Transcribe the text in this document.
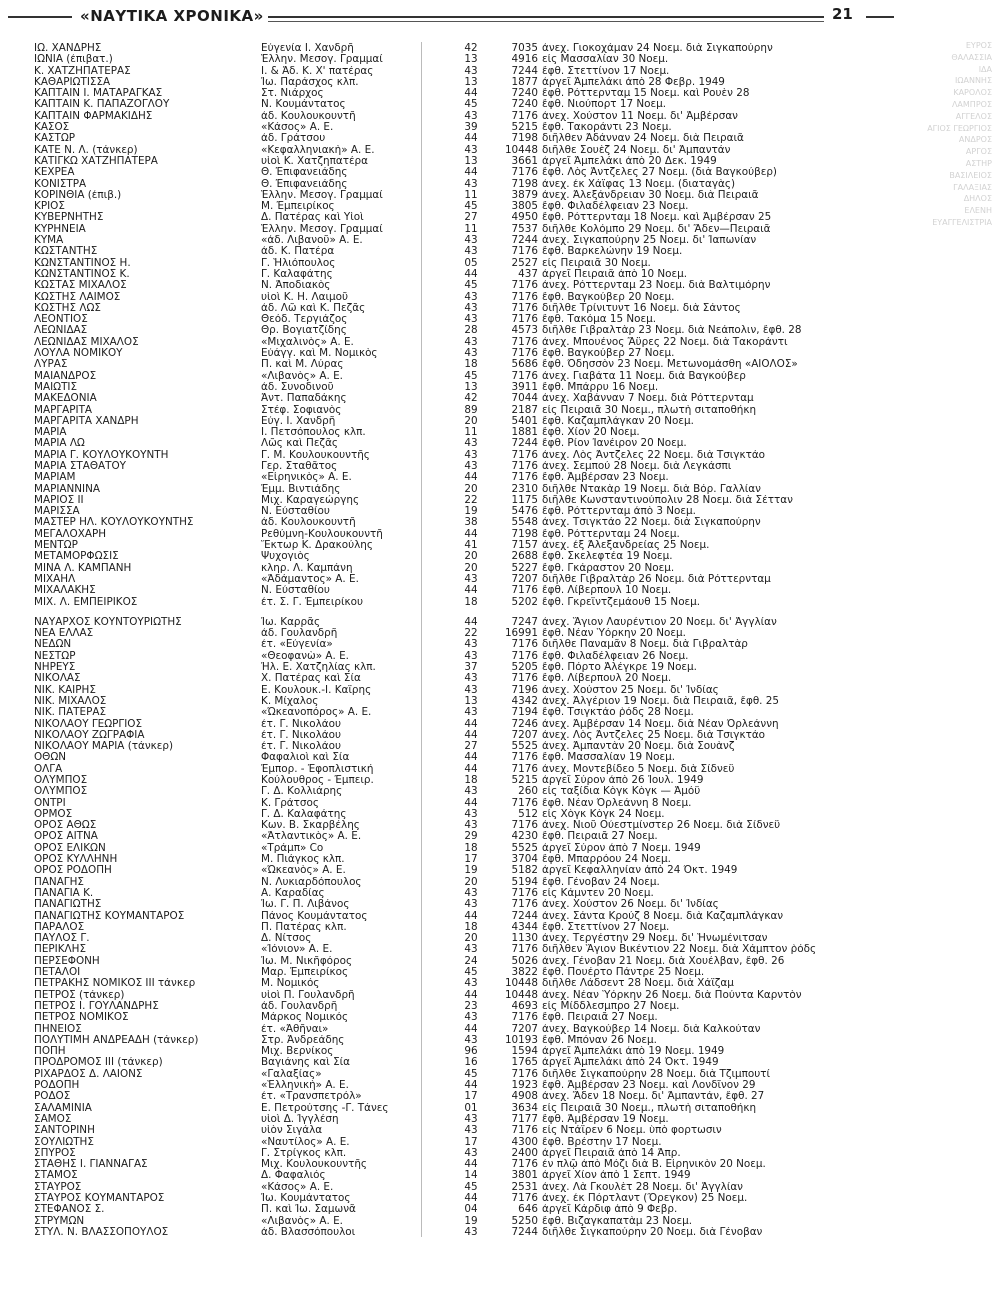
«ΝΑΥΤΙΚΑ ΧΡΟΝΙΚΑ»	21
ΙΩ. ΧΑΝΔΡΗΣ	Εὐγενία Ι. Χανδρῆ	42	7035 ἀνεχ. Γιοκοχάμαν 24 Νοεμ. διὰ Σιγκαπούρην
ΙΩΝΙΑ (ἐπιβατ.)	Ἑλλην. Μεσογ. Γραμμαί	13	4916 εἰς Μασσαλίαν 30 Νοεμ.
Κ. ΧΑΤΖΗΠΑΤΕΡΑΣ	Ι. & Ἀδ. Κ. Χ' πατέρας	43	7244 ἔφθ. Στεττίνον 17 Νοεμ.
ΚΑΘΑΡΙΩΤΙΣΣΑ	Ἰω. Παράσχος κλπ.	13	1877 ἀργεῖ Ἀμπελάκι ἀπὸ 28 Φεβρ. 1949
ΚΑΠΤΑΙΝ Ι. ΜΑΤΑΡΑΓΚΑΣ	Στ. Νιάρχος	44	7240 ἔφθ. Ρόττερνταμ 15 Νοεμ. καὶ Ρουὲν 28
ΚΑΠΤΑΙΝ Κ. ΠΑΠΑΖΟΓΛΟΥ	Ν. Κουμάντατος	45	7240 ἔφθ. Νιούπορτ 17 Νοεμ.
ΚΑΠΤΑΙΝ ΦΑΡΜΑΚΙΔΗΣ	ἀδ. Κουλουκουντῆ	43	7176 ἀνεχ. Χούστον 11 Νοεμ. δι' Ἀμβέρσαν
ΚΑΣΟΣ	«Κάσος» Α. Ε.	39	5215 ἔφθ. Τακοράντι 23 Νοεμ.
ΚΑΣΤΩΡ	ἀδ. Γράτσου	44	7198 διῆλθεν Ἀδάνναν 24 Νοεμ. διὰ Πειραιᾶ
ΚΑΤΕ Ν. Λ. (τάνκερ)	«Κεφαλληνιακὴ» Α. Ε.	43	10448 διῆλθε Σουὲζ 24 Νοεμ. δι' Ἀμπαντάν
ΚΑΤΙΓΚΩ ΧΑΤΖΗΠΑΤΕΡΑ	υἱοὶ Κ. Χατζηπατέρα	13	3661 ἀργεῖ Ἀμπελάκι ἀπὸ 20 Δεκ. 1949
ΚΕΧΡΕΑ	Θ. Ἐπιφανειάδης	44	7176 ἔφθ. Λὸς Ἀντζελες 27 Νοεμ. (διὰ Βαγκούβερ)
ΚΟΝΙΣΤΡΑ	Θ. Ἐπιφανειάδης	43	7198 ἀνεχ. ἐκ Χάϊφας 13 Νοεμ. (διαταγὰς)
ΚΟΡΙΝΘΙΑ (ἐπιβ.)	Ἑλλην. Μεσογ. Γραμμαί	11	3879 ἀνεχ. Ἀλεξάνδρειαν 30 Νοεμ. διὰ Πειραιᾶ
ΚΡΙΟΣ	Μ. Ἐμπειρίκος	45	3805 ἔφθ. Φιλαδέλφειαν 23 Νοεμ.
ΚΥΒΕΡΝΗΤΗΣ	Δ. Πατέρας καὶ Υἱοὶ	27	4950 ἔφθ. Ρόττερνταμ 18 Νοεμ. καὶ Ἀμβέρσαν 25
ΚΥΡΗΝΕΙΑ	Ἑλλην. Μεσογ. Γραμμαί	11	7537 διῆλθε Κολόμπο 29 Νοεμ. δι' Ἄδεν—Πειραιᾶ
ΚΥΜΑ	«ἀδ. Λιβανοῦ» Α. Ε.	43	7244 ἀνεχ. Σιγκαπούρην 25 Νοεμ. δι' Ἰαπωνίαν
ΚΩΣΤΑΝΤΗΣ	ἀδ. Κ. Πατέρα	43	7176 ἔφθ. Βαρκελώνην 19 Νοεμ.
ΚΩΝΣΤΑΝΤΙΝΟΣ Η.	Γ. Ἡλιόπουλος	05	2527 εἰς Πειραιᾶ 30 Νοεμ.
ΚΩΝΣΤΑΝΤΙΝΟΣ Κ.	Γ. Καλαφάτης	44	437 ἀργεῖ Πειραιᾶ ἀπὸ 10 Νοεμ.
ΚΩΣΤΑΣ ΜΙΧΑΛΟΣ	Ν. Ἀποδιακὸς	45	7176 ἀνεχ. Ρόττερνταμ 23 Νοεμ. διὰ Βαλτιμόρην
ΚΩΣΤΗΣ ΛΑΙΜΟΣ	υἱοὶ Κ. Η. Λαιμοῦ	43	7176 ἔφθ. Βαγκούβερ 20 Νοεμ.
ΚΩΣΤΗΣ ΛΩΣ	ἀδ. Λῶ καὶ Κ. Πεζᾶς	43	7176 διῆλθε Τρίνιτυντ 16 Νοεμ. διὰ Σάντος
ΛΕΟΝΤΙΟΣ	Θεόδ. Τεργιάζος	43	7176 ἔφθ. Τακόμα 15 Νοεμ.
ΛΕΩΝΙΔΑΣ	Θρ. Βογιατζίδης	28	4573 διῆλθε Γιβραλτὰρ 23 Νοεμ. διὰ Νεάπολιν, ἔφθ. 28
ΛΕΩΝΙΔΑΣ ΜΙΧΑΛΟΣ	«Μιχαλινὸς» Α. Ε.	43	7176 ἀνεχ. Μπουένος Ἄϋρες 22 Νοεμ. διὰ Τακοράντι
ΛΟΥΛΑ ΝΟΜΙΚΟΥ	Εὐάγγ. καὶ Μ. Νομικὸς	43	7176 ἔφθ. Βαγκούβερ 27 Νοεμ.
ΛΥΡΑΣ	Π. καὶ Μ. Λύρας	18	5686 ἔφθ. Ὀδησσὸν 23 Νοεμ. Μετωνομάσθη «ΑΙΟΛΟΣ»
ΜΑΙΑΝΔΡΟΣ	«Λιβανὸς» Α. Ε.	45	7176 ἀνεχ. Γιαβάτα 11 Νοεμ. διὰ Βαγκούβερ
ΜΑΙΩΤΙΣ	ἀδ. Συνοδινοῦ	13	3911 ἔφθ. Μπάρρυ 16 Νοεμ.
ΜΑΚΕΔΟΝΙΑ	Ἀντ. Παπαδάκης	42	7044 ἀνεχ. Χαβάνναν 7 Νοεμ. διὰ Ρόττερνταμ
ΜΑΡΓΑΡΙΤΑ	Στέφ. Σοφιανὸς	89	2187 εἰς Πειραιᾶ 30 Νοεμ., πλωτὴ σιταποθήκη
ΜΑΡΓΑΡΙΤΑ ΧΑΝΔΡΗ	Εὐγ. Ι. Χανδρῆ	20	5401 ἔφθ. Καζαμπλάγκαν 20 Νοεμ.
ΜΑΡΙΑ	Ι. Πετσόπουλος κλπ.	11	1881 ἔφθ. Χίον 20 Νοεμ.
ΜΑΡΙΑ ΛΩ	Λῶς καὶ Πεζᾶς	43	7244 ἔφθ. Ρίον Ἰανέιρον 20 Νοεμ.
ΜΑΡΙΑ Γ. ΚΟΥΛΟΥΚΟΥΝΤΗ	Γ. Μ. Κουλουκουντῆς	43	7176 ἀνεχ. Λὸς Ἀντζελες 22 Νοεμ. διὰ Τσιγκτάο
ΜΑΡΙΑ ΣΤΑΘΑΤΟΥ	Γερ. Σταθᾶτος	43	7176 ἀνεχ. Σεμπού 28 Νοεμ. διὰ Λεγκάσπι
ΜΑΡΙΑΜ	«Εἰρηνικὸς» Α. Ε.	44	7176 ἔφθ. Ἀμβέρσαν 23 Νοεμ.
ΜΑΡΙΑΝΝΙΝΑ	Ἐμμ. Βιντιάδης	20	2310 διῆλθε Ντακὰρ 19 Νοεμ. διὰ Βόρ. Γαλλίαν
ΜΑΡΙΟΣ ΙΙ	Μιχ. Καραγεώργης	22	1175 διῆλθε Κωνσταντινούπολιν 28 Νοεμ. διὰ Σέτταν
ΜΑΡΙΣΣΑ	Ν. Εὐσταθίου	19	5476 ἔφθ. Ρόττερνταμ ἀπὸ 3 Νοεμ.
ΜΑΣΤΕΡ ΗΛ. ΚΟΥΛΟΥΚΟΥΝΤΗΣ	ἀδ. Κουλουκουντῆ	38	5548 ἀνεχ. Τσιγκτάο 22 Νοεμ. διὰ Σιγκαπούρην
ΜΕΓΑΛΟΧΑΡΗ	Ρεθύμνη-Κουλουκουντῆ	44	7198 ἔφθ. Ρόττερνταμ 24 Νοεμ.
ΜΕΝΤΩΡ	Ἕκτωρ Κ. Δρακούλης	41	7157 ἀνεχ. ἐξ Ἀλεξανδρείας 25 Νοεμ.
ΜΕΤΑΜΟΡΦΩΣΙΣ	Ψυχογιὸς	20	2688 ἔφθ. Σκελεφτέα 19 Νοεμ.
ΜΙΝΑ Λ. ΚΑΜΠΑΝΗ	κληρ. Λ. Καμπάνη	20	5227 ἔφθ. Γκάραστον 20 Νοεμ.
ΜΙΧΑΗΛ	«Ἀδάμαντος» Α. Ε.	43	7207 διῆλθε Γιβραλτὰρ 26 Νοεμ. διὰ Ρόττερνταμ
ΜΙΧΑΛΑΚΗΣ	Ν. Εὐσταθίου	44	7176 ἔφθ. Λίβερπουλ 10 Νοεμ.
ΜΙΧ. Λ. ΕΜΠΕΙΡΙΚΟΣ	ἐτ. Σ. Γ. Ἐμπειρίκου	18	5202 ἔφθ. Γκρεϊντζεμάουθ 15 Νοεμ.
ΝΑΥΑΡΧΟΣ ΚΟΥΝΤΟΥΡΙΩΤΗΣ	Ἰω. Καρρᾶς	44	7247 ἀνεχ. Ἅγιον Λαυρέντιον 20 Νοεμ. δι' Ἀγγλίαν
ΝΕΑ ΕΛΛΑΣ	ἀδ. Γουλανδρῆ	22	16991 ἔφθ. Νέαν Ὑόρκην 20 Νοεμ.
ΝΕΔΩΝ	ἐτ. «Εὐγενία»	43	7176 διῆλθε Παναμᾶν 8 Νοεμ. διὰ Γιβραλτὰρ
ΝΕΣΤΩΡ	«Θεοφανὼ» Α. Ε.	43	7176 ἔφθ. Φιλαδέλφειαν 26 Νοεμ.
ΝΗΡΕΥΣ	Ἠλ. Ε. Χατζηλίας κλπ.	37	5205 ἔφθ. Πόρτο Ἀλέγκρε 19 Νοεμ.
ΝΙΚΟΛΑΣ	Χ. Πατέρας καὶ Σία	43	7176 ἔφθ. Λίβερπουλ 20 Νοεμ.
ΝΙΚ. ΚΑΙΡΗΣ	Ε. Κουλουκ.-Ι. Καΐρης	43	7196 ἀνεχ. Χούστον 25 Νοεμ. δι' Ἰνδίας
ΝΙΚ. ΜΙΧΑΛΟΣ	Κ. Μίχαλος	13	4342 ἀνεχ. Ἀλγέριον 19 Νοεμ. διὰ Πειραιᾶ, ἔφθ. 25
ΝΙΚ. ΠΑΤΕΡΑΣ	«Ὠκεανοπόρος» Α. Ε.	43	7194 ἔφθ. Τσιγκτάο ῥόδς 28 Νοεμ.
ΝΙΚΟΛΑΟΥ ΓΕΩΡΓΙΟΣ	ἐτ. Γ. Νικολάου	44	7246 ἀνεχ. Ἀμβέρσαν 14 Νοεμ. διὰ Νέαν Ὀρλεάννη
ΝΙΚΟΛΑΟΥ ΖΩΓΡΑΦΙΑ	ἐτ. Γ. Νικολάου	44	7207 ἀνεχ. Λὸς Ἀντζελες 25 Νοεμ. διὰ Τσιγκτάο
ΝΙΚΟΛΑΟΥ ΜΑΡΙΑ (τάνκερ)	ἐτ. Γ. Νικολάου	27	5525 ἀνεχ. Ἀμπαντὰν 20 Νοεμ. διὰ Σουὰνζ
ΟΘΩΝ	Φαφαλιοὶ καὶ Σία	44	7176 ἔφθ. Μασσαλίαν 19 Νοεμ.
ΟΛΓΑ	Ἐμπορ. - Ἐφοπλιστική	44	7176 ἀνεχ. Μοντεβίδεο 5 Νοεμ. διὰ Σίδνεϋ
ΟΛΥΜΠΟΣ	Κούλουθρος - Ἐμπειρ.	18	5215 ἀργεῖ Σύρον ἀπὸ 26 Ἰουλ. 1949
ΟΛΥΜΠΟΣ	Γ. Δ. Κολλιάρης	43	260 εἰς ταξίδια Κὸγκ Κὸγκ — Ἀμόϋ
ΟΝΤΡΙ	Κ. Γράτσος	44	7176 ἔφθ. Νέαν Ὀρλεάννη 8 Νοεμ.
ΟΡΜΟΣ	Γ. Δ. Καλαφάτης	43	512 εἰς Χὸγκ Κὸγκ 24 Νοεμ.
ΟΡΟΣ ΑΘΩΣ	Κων. Β. Σκαρβέλης	43	7176 ἀνεχ. Νιοῦ Οὐεστμίνστερ 26 Νοεμ. διὰ Σίδνεϋ
ΟΡΟΣ ΑΙΤΝΑ	«Ἀτλαντικὸς» Α. Ε.	29	4230 ἔφθ. Πειραιᾶ 27 Νοεμ.
ΟΡΟΣ ΕΛΙΚΩΝ	«Τράμπ» Co	18	5525 ἀργεῖ Σύρον ἀπὸ 7 Νοεμ. 1949
ΟΡΟΣ ΚΥΛΛΗΝΗ	Μ. Πιάγκος κλπ.	17	3704 ἔφθ. Μπαρρόου 24 Νοεμ.
ΟΡΟΣ ΡΟΔΟΠΗ	«Ὠκεανὸς» Α. Ε.	19	5182 ἀργεῖ Κεφαλληνίαν ἀπὸ 24 Ὀκτ. 1949
ΠΑΝΑΓΗΣ	Ν. Λυκιαρδόπουλος	20	5194 ἔφθ. Γένοβαν 24 Νοεμ.
ΠΑΝΑΓΙΑ Κ.	Α. Καραδίας	43	7176 εἰς Κάμντεν 20 Νοεμ.
ΠΑΝΑΓΙΩΤΗΣ	Ἰω. Γ. Π. Λιβάνος	43	7176 ἀνεχ. Χούστον 26 Νοεμ. δι' Ἰνδίας
ΠΑΝΑΓΙΩΤΗΣ ΚΟΥΜΑΝΤΑΡΟΣ	Πάνος Κουμάντατος	44	7244 ἀνεχ. Σάντα Κρούζ 8 Νοεμ. διὰ Καζαμπλάγκαν
ΠΑΡΑΛΟΣ	Π. Πατέρας κλπ.	18	4344 ἔφθ. Στεττίνον 27 Νοεμ.
ΠΑΥΛΟΣ Γ.	Δ. Νίτσος	20	1130 ἀνεχ. Τεργέστην 29 Νοεμ. δι' Ἡνωμένιτσαν
ΠΕΡΙΚΛΗΣ	«Ἰόνιον» Α. Ε.	43	7176 διῆλθεν Ἅγιον Βικέντιον 22 Νοεμ. διὰ Χάμπτον ῥόδς
ΠΕΡΣΕΦΟΝΗ	Ἰω. Μ. Νικῆφόρος	24	5026 ἀνεχ. Γένοβαν 21 Νοεμ. διὰ Χουέλβαν, ἔφθ. 26
ΠΕΤΑΛΟΙ	Μαρ. Ἐμπειρίκος	45	3822 ἔφθ. Πουέρτο Πάντρε 25 Νοεμ.
ΠΕΤΡΑΚΗΣ ΝΟΜΙΚΟΣ ΙΙΙ τάνκερ	Μ. Νομικός	43	10448 διῆλθε Λάδσεντ 28 Νοεμ. διὰ Χάϊζαμ
ΠΕΤΡΟΣ (τάνκερ)	υἱοὶ Π. Γουλανδρῆ	44	10448 ἀνεχ. Νέαν Ὑόρκην 26 Νοεμ. διὰ Πούντα Καρντὸν
ΠΕΤΡΟΣ Ι. ΓΟΥΛΑΝΔΡΗΣ	ἀδ. Γουλανδρῆ	23	4693 εἰς Μίδδλεσμπρο 27 Νοεμ.
ΠΕΤΡΟΣ ΝΟΜΙΚΟΣ	Μάρκος Νομικός	43	7176 ἔφθ. Πειραιᾶ 27 Νοεμ.
ΠΗΝΕΙΟΣ	ἐτ. «Ἀθῆναι»	44	7207 ἀνεχ. Βαγκούβερ 14 Νοεμ. διὰ Καλκούταν
ΠΟΛΥΤΙΜΗ ΑΝΔΡΕΑΔΗ (τάνκερ)	Στρ. Ἀνδρεάδης	43	10193 ἔφθ. Μπόναν 26 Νοεμ.
ΠΟΠΗ	Μιχ. Βερνίκος	96	1594 ἀργεῖ Ἀμπελάκι ἀπὸ 19 Νοεμ. 1949
ΠΡΟΔΡΟΜΟΣ ΙΙΙ (τάνκερ)	Βαγιάνης καὶ Σία	16	1765 ἀργεῖ Ἀμπελάκι ἀπὸ 24 Ὀκτ. 1949
ΡΙΧΑΡΔΟΣ Δ. ΛΑΙΟΝΣ	«Γαλαξίας»	45	7176 διῆλθε Σιγκαπούρην 28 Νοεμ. διὰ Τζιμπουτί
ΡΟΔΟΠΗ	«Ἑλληνικὴ» Α. Ε.	44	1923 ἔφθ. Ἀμβέρσαν 23 Νοεμ. καὶ Λονδῖνον 29
ΡΟΔΟΣ	ἐτ. «Τρανσπετρόλ»	17	4908 ἀνεχ. Ἄδεν 18 Νοεμ. δι' Ἀμπαντάν, ἔφθ. 27
ΣΑΛΑΜΙΝΙΑ	Ε. Πετρούτσης -Γ. Τάνες	01	3634 εἰς Πειραιᾶ 30 Νοεμ., πλωτὴ σιταποθήκη
ΣΑΜΟΣ	υἱοὶ Δ. Ἰγγλέση	43	7177 ἔφθ. Ἀμβέρσαν 19 Νοεμ.
ΣΑΝΤΟΡΙΝΗ	υἱὸν Σιγάλα	43	7176 εἰς Ντάϊρεν 6 Νοεμ. ὑπὸ φορτωσιν
ΣΟΥΛΙΩΤΗΣ	«Ναυτίλος» Α. Ε.	17	4300 ἔφθ. Βρέστην 17 Νοεμ.
ΣΠΥΡΟΣ	Γ. Στρίγκος κλπ.	43	2400 ἀργεῖ Πειραιᾶ ἀπὸ 14 Ἀπρ.
ΣΤΑΘΗΣ Ι. ΓΙΑΝΝΑΓΑΣ	Μιχ. Κουλουκουντῆς	44	7176 ἐν πλῷ ἀπὸ Μόζι διὰ Β. Εἰρηνικὸν 20 Νοεμ.
ΣΤΑΜΟΣ	Δ. Φαφαλιός	14	3801 ἀργεῖ Χίον ἀπὸ 1 Σεπτ. 1949
ΣΤΑΥΡΟΣ	«Κάσος» Α. Ε.	45	2531 ἀνεχ. Λὰ Γκουλὲτ 28 Νοεμ. δι' Ἀγγλίαν
ΣΤΑΥΡΟΣ ΚΟΥΜΑΝΤΑΡΟΣ	Ἰω. Κουμάντατος	44	7176 ἀνεχ. ἐκ Πόρτλαντ (Ὄρεγκον) 25 Νοεμ.
ΣΤΕΦΑΝΟΣ Σ.	Π. καὶ Ἰω. Σαμωνᾶ	04	646 ἀργεῖ Κάρδιφ ἀπὸ 9 Φεβρ.
ΣΤΡΥΜΩΝ	«Λιβανὸς» Α. Ε.	19	5250 ἔφθ. Βιζαγκαπατὰμ 23 Νοεμ.
ΣΤΥΛ. Ν. ΒΛΑΣΣΟΠΟΥΛΟΣ	ἀδ. Βλασσόπουλοι	43	7244 διῆλθε Σιγκαπούρην 20 Νοεμ. διὰ Γένοβαν
ΕΥΡΟΣ
ΘΑΛΑΣΣΙΑ
ΙΔΑ
ΙΩΑΝΝΗΣ
ΚΑΡΟΛΟΣ
ΛΑΜΠΡΟΣ
ΑΓΓΕΛΟΣ
ΑΓΙΟΣ ΓΕΩΡΓΙΟΣ
ΑΝΔΡΟΣ
ΑΡΓΟΣ
ΑΣΤΗΡ
ΒΑΣΙΛΕΙΟΣ
ΓΑΛΑΞΙΑΣ
ΔΗΛΟΣ
ΕΛΕΝΗ
ΕΥΑΓΓΕΛΙΣΤΡΙΑ
